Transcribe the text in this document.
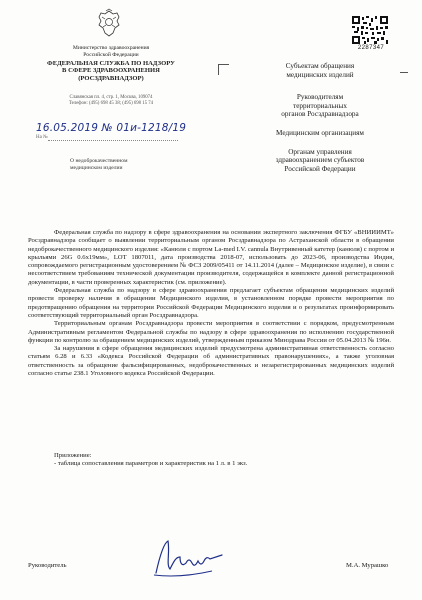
Министерство здравоохранения
Российской Федерации
ФЕДЕРАЛЬНАЯ СЛУЖБА ПО НАДЗОРУ
В СФЕРЕ ЗДРАВООХРАНЕНИЯ
(РОСЗДРАВНАДЗОР)
Славянская пл. 4, стр. 1, Москва, 109074
Телефон: (495) 698 45 38; (495) 698 15 74
16.05.2019 № 01и-1218/19
На №
О недоброкачественном
медицинском изделии
2287347
Субъектам обращения
медицинских изделий
Руководителям
территориальных
органов Росздравнадзора
Медицинским организациям
Органам управления
здравоохранением субъектов
Российской Федерации

Федеральная служба по надзору в сфере здравоохранения на основании экспертного заключения ФГБУ «ВНИИИМТ» Росздравнадзора сообщает о выявлении территориальным органом Росздравнадзора по Астраханской области в обращении недоброкачественного медицинского изделия: «Канюля с портом La-med I.V. cannula Внутривенный катетер (канюля) с портом и крыльями 26G 0.6x19мм», LOT 1807011, дата производства 2018-07, использовать до 2023-06, производства Индия, сопровождаемого регистрационным удостоверением № ФСЗ 2009/05411 от 14.11.2014 (далее – Медицинское изделие), в связи с несоответствием требованиям технической документации производителя, содержащейся в комплекте данной регистрационной документации, в части проверенных характеристик (см. приложение).

Федеральная служба по надзору в сфере здравоохранения предлагает субъектам обращения медицинских изделий провести проверку наличия в обращении Медицинского изделия, в установленном порядке провести мероприятия по предотвращению обращения на территории Российской Федерации Медицинского изделия и о результатах проинформировать соответствующий территориальный орган Росздравнадзора.

Территориальным органам Росздравнадзора провести мероприятия в соответствии с порядком, предусмотренным Административным регламентом Федеральной службы по надзору в сфере здравоохранения по исполнению государственной функции по контролю за обращением медицинских изделий, утвержденным приказом Минздрава России от 05.04.2013 № 196н.

За нарушения в сфере обращения медицинских изделий предусмотрена административная ответственность согласно статьям 6.28 и 6.33 «Кодекса Российской Федерации об административных правонарушениях», а также уголовная ответственность за обращение фальсифицированных, недоброкачественных и незарегистрированных медицинских изделий согласно статье 238.1 Уголовного кодекса Российской Федерации.

Приложение:
- таблица сопоставления параметров и характеристик на 1 л. в 1 экз.
Руководитель	М.А. Мурашко
